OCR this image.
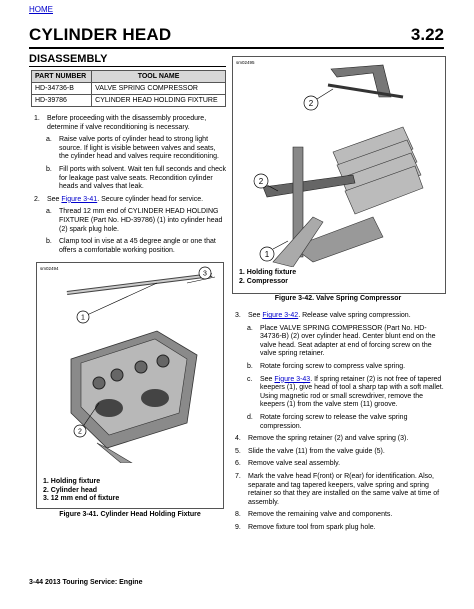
HOME
CYLINDER HEAD	3.22
DISASSEMBLY
PART NUMBER	TOOL NAME
HD-34736-B	VALVE SPRING COMPRESSOR
HD-39786	CYLINDER HEAD HOLDING FIXTURE
1. Before proceeding with the disassembly procedure, determine if valve reconditioning is necessary.
a. Raise valve ports of cylinder head to strong light source. If light is visible between valves and seats, the cylinder head and valves require reconditioning.
b. Fill ports with solvent. Wait ten full seconds and check for leakage past valve seats. Recondition cylinder heads and valves that leak.
2. See Figure 3-41. Secure cylinder head for service.
a. Thread 12 mm end of CYLINDER HEAD HOLDING FIXTURE (Part No. HD-39786) (1) into cylinder head (2) spark plug hole.
b. Clamp tool in vise at a 45 degree angle or one that offers a comfortable working position.
sm02494
1
2
3
1. Holding fixture
2. Cylinder head
3. 12 mm end of fixture
Figure 3-41. Cylinder Head Holding Fixture
sm02495
2
2
1
1. Holding fixture
2. Compressor
Figure 3-42. Valve Spring Compressor
3. See Figure 3-42. Release valve spring compression.
a. Place VALVE SPRING COMPRESSOR (Part No. HD-34736-B) (2) over cylinder head. Center blunt end on the valve head. Seat adapter at end of forcing screw on the valve spring retainer.
b. Rotate forcing screw to compress valve spring.
c. See Figure 3-43. If spring retainer (2) is not free of tapered keepers (1), give head of tool a sharp tap with a soft mallet. Using magnetic rod or small screwdriver, remove the keepers (1) from the valve stem (11) groove.
d. Rotate forcing screw to release the valve spring compression.
4. Remove the spring retainer (2) and valve spring (3).
5. Slide the valve (11) from the valve guide (5).
6. Remove valve seal assembly.
7. Mark the valve head F(ront) or R(ear) for identification. Also, separate and tag tapered keepers, valve spring and spring retainer so that they are installed on the same valve at time of assembly.
8. Remove the remaining valve and components.
9. Remove fixture tool from spark plug hole.
3-44 2013 Touring Service: Engine
